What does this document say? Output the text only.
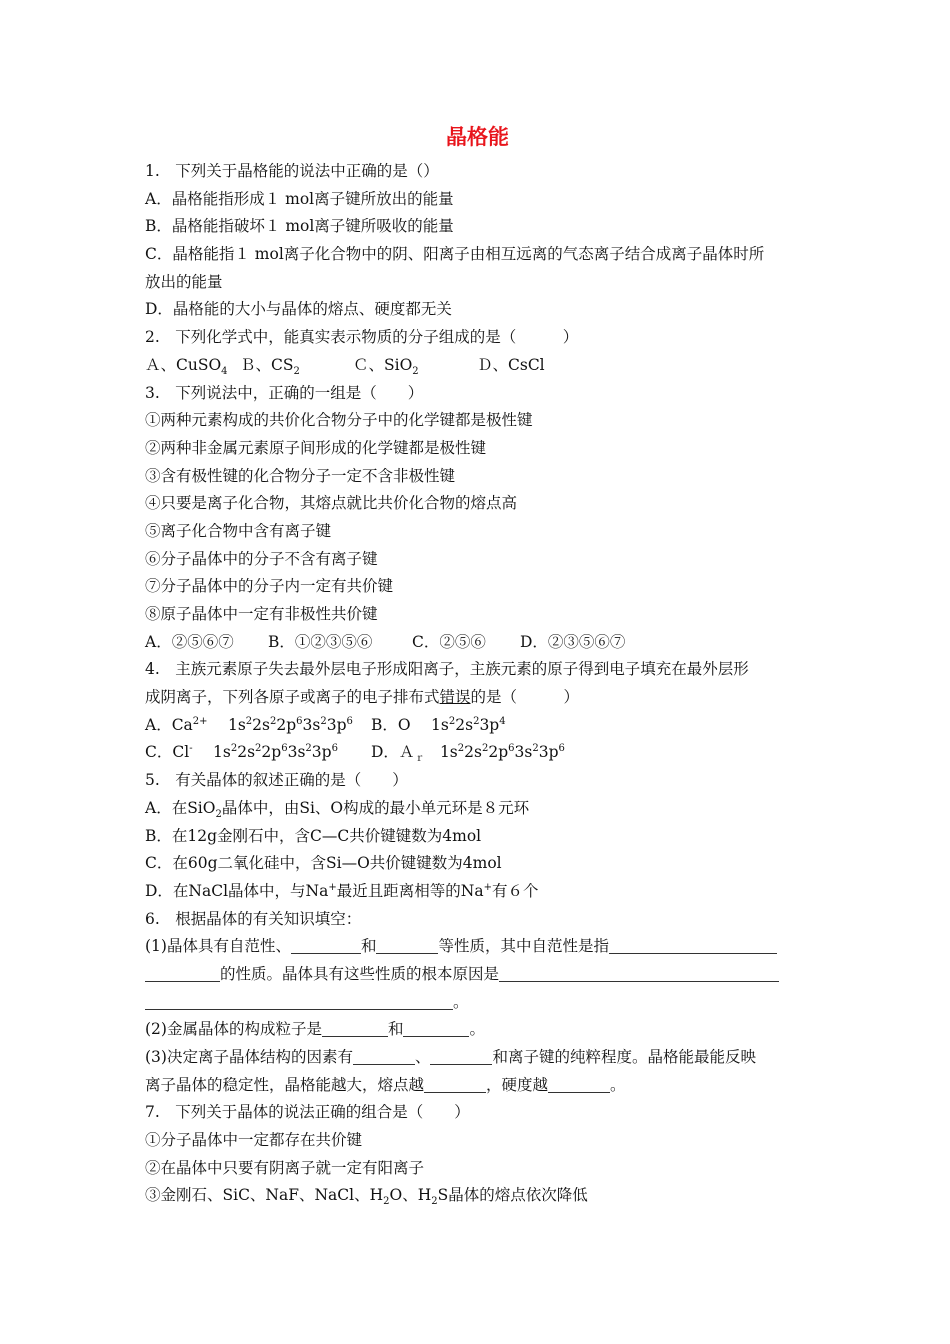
晶格能
1.　下列关于晶格能的说法中正确的是（）
A．晶格能指形成１ mol离子键所放出的能量
B．晶格能指破坏１ mol离子键所吸收的能量
C．晶格能指１ mol离子化合物中的阴、阳离子由相互远离的气态离子结合成离子晶体时所
放出的能量
D．晶格能的大小与晶体的熔点、硬度都无关
2.　下列化学式中，能真实表示物质的分子组成的是（　　　）
Ａ、CuSO$_4$ Ｂ、$CS_2$	Ｃ、SiO$_2$	Ｄ、CsCl
3.　下列说法中，正确的一组是（　　）
①两种元素构成的共价化合物分子中的化学键都是极性键
②两种非金属元素原子间形成的化学键都是极性键
③含有极性键的化合物分子一定不含非极性键
④只要是离子化合物，其熔点就比共价化合物的熔点高
⑤离子化合物中含有离子键
⑥分子晶体中的分子不含有离子键
⑦分子晶体中的分子内一定有共价键
⑧原子晶体中一定有非极性共价键
A．②⑤⑥⑦ B．①②③⑤⑥	C．②⑤⑥ D．②③⑤⑥⑦
4.　主族元素原子失去最外层电子形成阳离子，主族元素的原子得到电子填充在最外层形
成阴离子，下列各原子或离子的电子排布式错误的是（　　　）
A．$Ca^{2+}$　 $1s^22s^22p^63s^23p^6$ B．O　 $1s^22s^23p^4$
C．Cl-　 $1s^22s^22p^63s^23p^6$ D．Ａ$_r$　$1s^22s^22p^63s^23p^6$
5.　有关晶体的叙述正确的是（　　）
A．在SiO$_2$晶体中，由Si、O构成的最小单元环是８元环
B．在12g金刚石中，含C—C共价键键数为4mol
C．在60g二氧化硅中，含Si—O共价键键数为4mol
D．在NaCl晶体中，与Na+最近且距离相等的Na+有６个
6.　根据晶体的有关知识填空：
(1)晶体具有自范性、	和	等性质，其中自范性是指
的性质。晶体具有这些性质的根本原因是
。
(2)金属晶体的构成粒子是	和	。
(3)决定离子晶体结构的因素有	、	和离子键的纯粹程度。晶格能最能反映
离子晶体的稳定性，晶格能越大，熔点越	，硬度越	。
7.　下列关于晶体的说法正确的组合是（　　）
①分子晶体中一定都存在共价键
②在晶体中只要有阴离子就一定有阳离子
③金刚石、SiC、NaF、NaCl、$H_2O$、$H_2S$晶体的熔点依次降低
